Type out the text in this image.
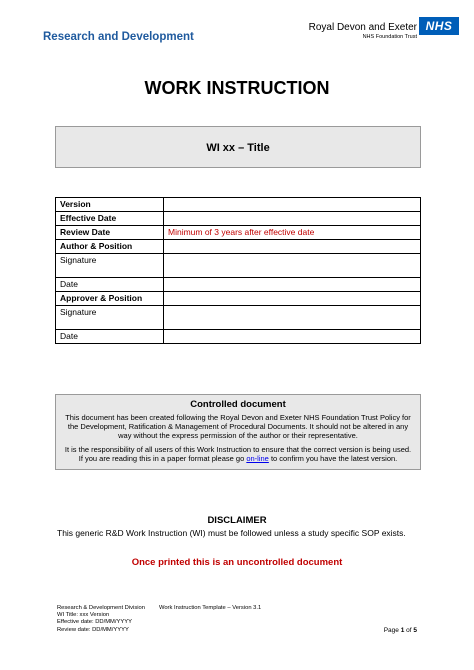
Research and Development
Royal Devon and Exeter
NHS Foundation Trust
NHS
WORK INSTRUCTION
WI xx – Title
Version	
Effective Date	
Review Date	Minimum of 3 years after effective date
Author & Position	
Signature	
Date	
Approver & Position	
Signature	
Date	
Controlled document

This document has been created following the Royal Devon and Exeter NHS Foundation Trust Policy for the Development, Ratification & Management of Procedural Documents. It should not be altered in any way without the express permission of the author or their representative.

It is the responsibility of all users of this Work Instruction to ensure that the correct version is being used. If you are reading this in a paper format please go on-line to confirm you have the latest version.

DISCLAIMER
This generic R&D Work Instruction (WI) must be followed unless a study specific SOP exists.
Once printed this is an uncontrolled document
Research & Development Division Work Instruction Template – Version 3.1
WI Title: xxx Version
Effective date: DD/MM/YYYY
Review date: DD/MM/YYYY	Page 1 of 5
